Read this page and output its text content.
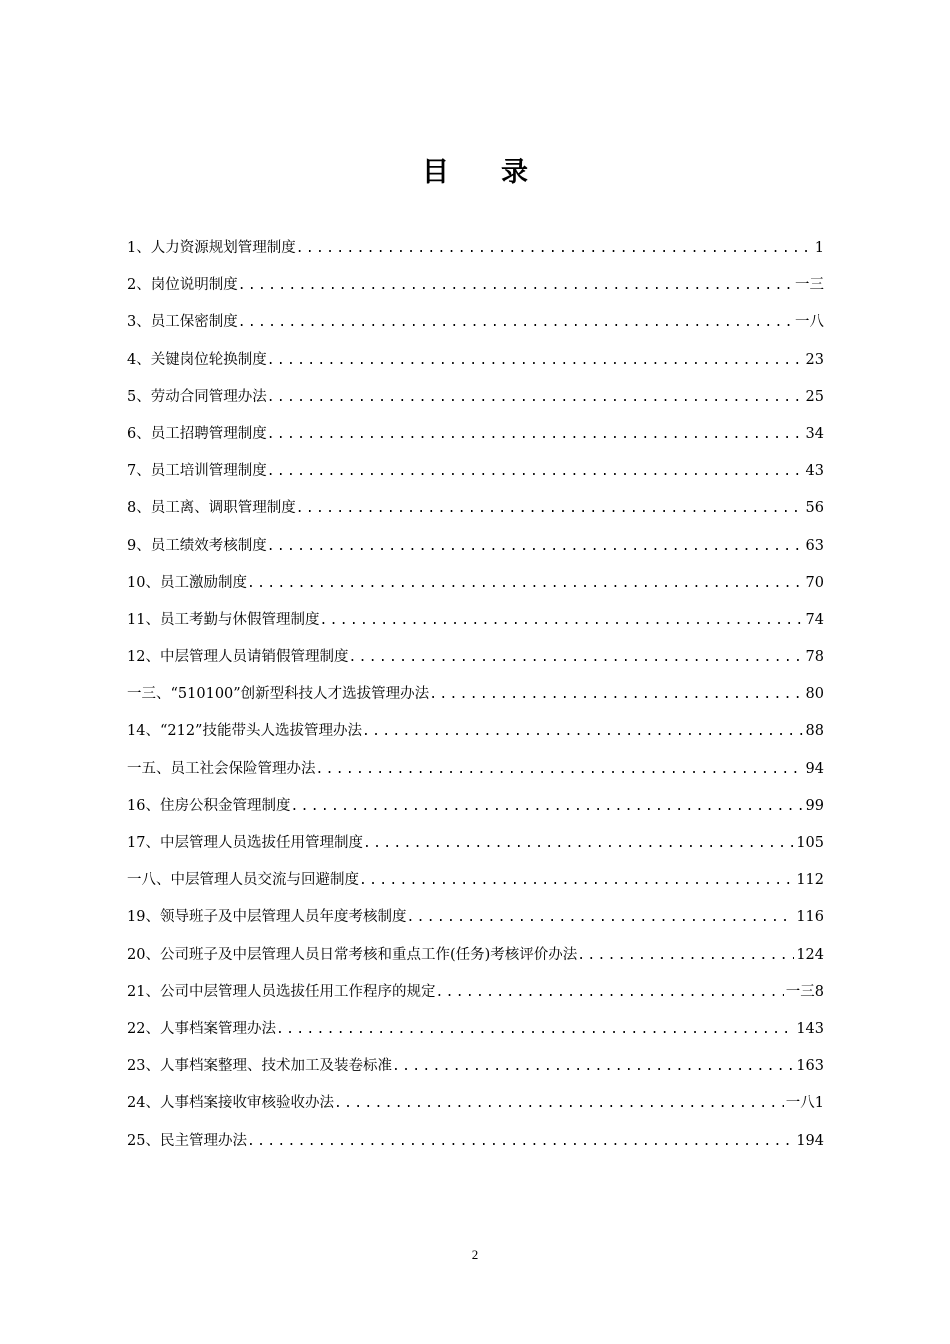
目录
1、人力资源规划管理制度 .....	1
2、岗位说明制度 .....	一三
3、员工保密制度 .....	一八
4、关键岗位轮换制度 .....	23
5、劳动合同管理办法 .....	25
6、员工招聘管理制度 .....	34
7、员工培训管理制度 .....	43
8、员工离、调职管理制度 .....	56
9、员工绩效考核制度 .....	63
10、员工激励制度 .....	70
11、员工考勤与休假管理制度 .....	74
12、中层管理人员请销假管理制度 .....	78
一三、“510100”创新型科技人才选拔管理办法 .....	80
14、“212”技能带头人选拔管理办法 .....	88
一五、员工社会保险管理办法 .....	94
16、住房公积金管理制度 .....	99
17、中层管理人员选拔任用管理制度 .....	105
一八、中层管理人员交流与回避制度 .....	112
19、领导班子及中层管理人员年度考核制度 .....	116
20、公司班子及中层管理人员日常考核和重点工作(任务)考核评价办法 .....	124
21、公司中层管理人员选拔任用工作程序的规定 .....	一三8
22、人事档案管理办法 .....	143
23、人事档案整理、技术加工及装卷标准 .....	163
24、人事档案接收审核验收办法 .....	一八1
25、民主管理办法 .....	194
2
